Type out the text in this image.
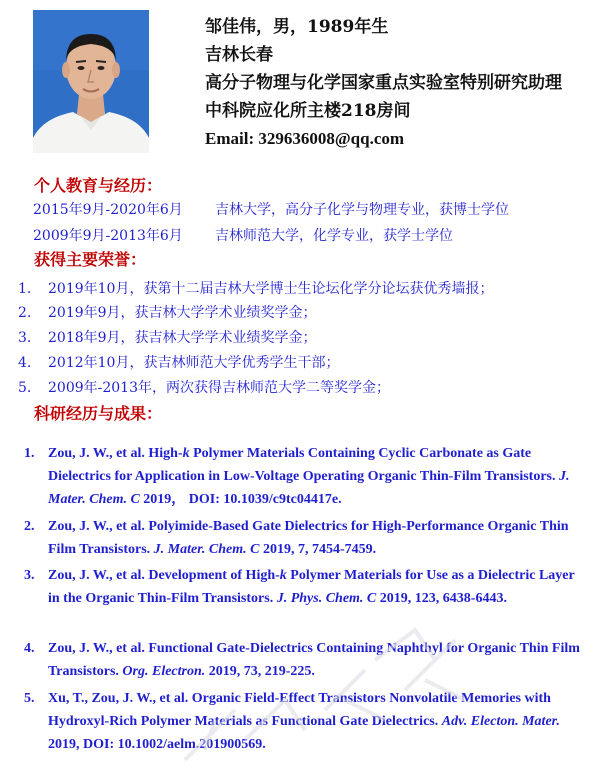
邹佳伟，男，1989年生
吉林长春
高分子物理与化学国家重点实验室特别研究助理
中科院应化所主楼218房间
Email: 329636008@qq.com
个人教育与经历：
2015年9月-2020年6月 吉林大学，高分子化学与物理专业，获博士学位
2009年9月-2013年6月 吉林师范大学，化学专业，获学士学位
获得主要荣誉：
1. 2019年10月，获第十二届吉林大学博士生论坛化学分论坛获优秀墙报；
2. 2019年9月，获吉林大学学术业绩奖学金；
3. 2018年9月，获吉林大学学术业绩奖学金；
4. 2012年10月，获吉林师范大学优秀学生干部；
5. 2009年-2013年，两次获得吉林师范大学二等奖学金；
科研经历与成果：
1. Zou, J. W., et al. High-k Polymer Materials Containing Cyclic Carbonate as Gate Dielectrics for Application in Low-Voltage Operating Organic Thin-Film Transistors. J. Mater. Chem. C 2019， DOI: 10.1039/c9tc04417e.
2. Zou, J. W., et al. Polyimide-Based Gate Dielectrics for High-Performance Organic Thin Film Transistors. J. Mater. Chem. C 2019, 7, 7454-7459.
3. Zou, J. W., et al. Development of High-k Polymer Materials for Use as a Dielectric Layer in the Organic Thin-Film Transistors. J. Phys. Chem. C 2019, 123, 6438-6443.
4. Zou, J. W., et al. Functional Gate-Dielectrics Containing Naphthyl for Organic Thin Film Transistors. Org. Electron. 2019, 73, 219-225.
5. Xu, T., Zou, J. W., et al. Organic Field-Effect Transistors Nonvolatile Memories with Hydroxyl-Rich Polymer Materials as Functional Gate Dielectrics. Adv. Electon. Mater. 2019, DOI: 10.1002/aelm.201900569.
